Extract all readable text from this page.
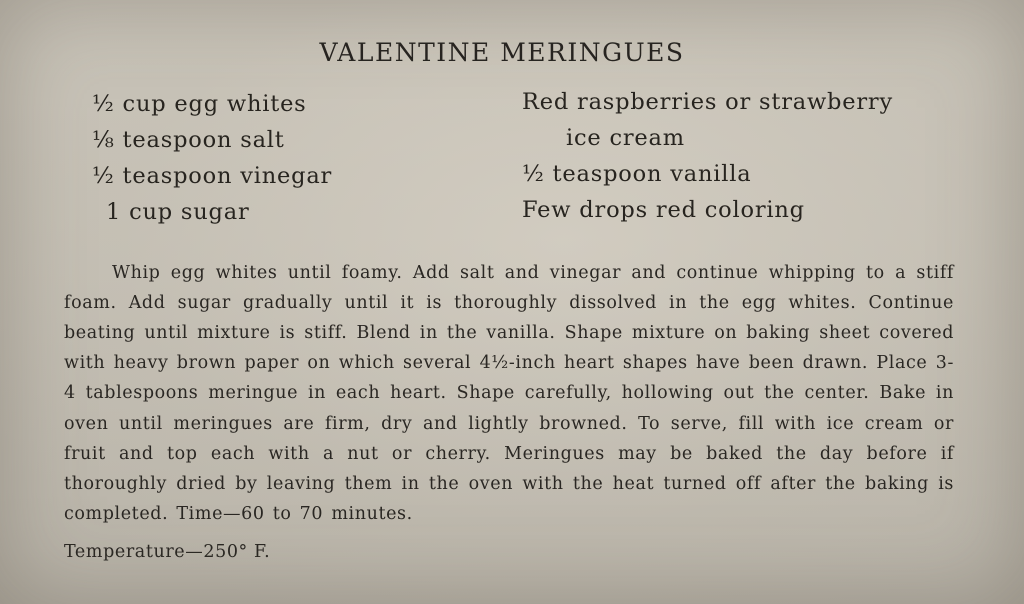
VALENTINE MERINGUES
½ cup egg whites
⅛ teaspoon salt
½ teaspoon vinegar
1 cup sugar
Red raspberries or strawberry
ice cream
½ teaspoon vanilla
Few drops red coloring

Whip egg whites until foamy. Add salt and vinegar and continue whipping to a stiff foam. Add sugar gradually until it is thoroughly dissolved in the egg whites. Continue beating until mixture is stiff. Blend in the vanilla. Shape mixture on baking sheet covered with heavy brown paper on which several 4½-inch heart shapes have been drawn. Place 3-4 tablespoons meringue in each heart. Shape carefully, hollowing out the center. Bake in oven until meringues are firm, dry and lightly browned. To serve, fill with ice cream or fruit and top each with a nut or cherry. Meringues may be baked the day before if thoroughly dried by leaving them in the oven with the heat turned off after the baking is completed. Time—60 to 70 minutes.

Temperature—250° F.
